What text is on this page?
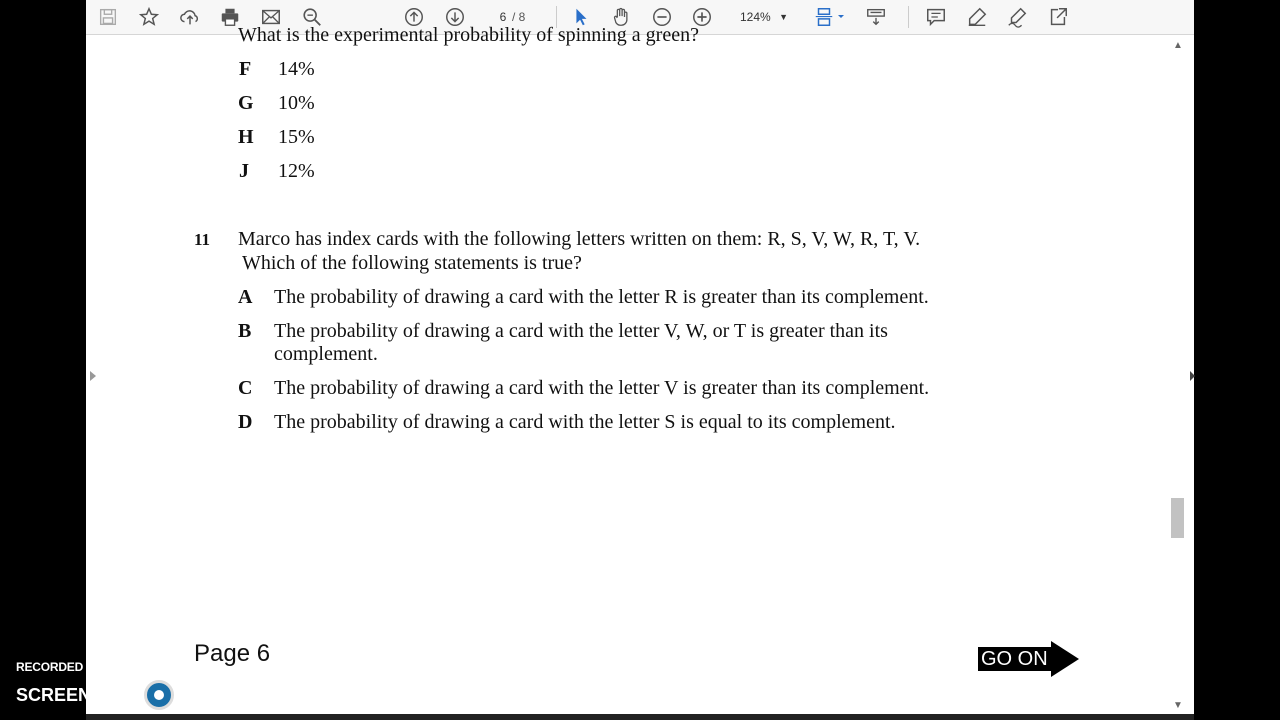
6 / 8	124% ▼
What is the experimental probability of spinning a green?
F 14%
G 10%
H 15%
J 12%
11 Marco has index cards with the following letters written on them: R, S, V, W, R, T, V.
Which of the following statements is true?
A The probability of drawing a card with the letter R is greater than its complement.
B The probability of drawing a card with the letter V, W, or T is greater than its
complement.
C The probability of drawing a card with the letter V is greater than its complement.
D The probability of drawing a card with the letter S is equal to its complement.
Page 6	GO ON
▲
▼
RECORDED WITH
SCREENCAST MATIC
